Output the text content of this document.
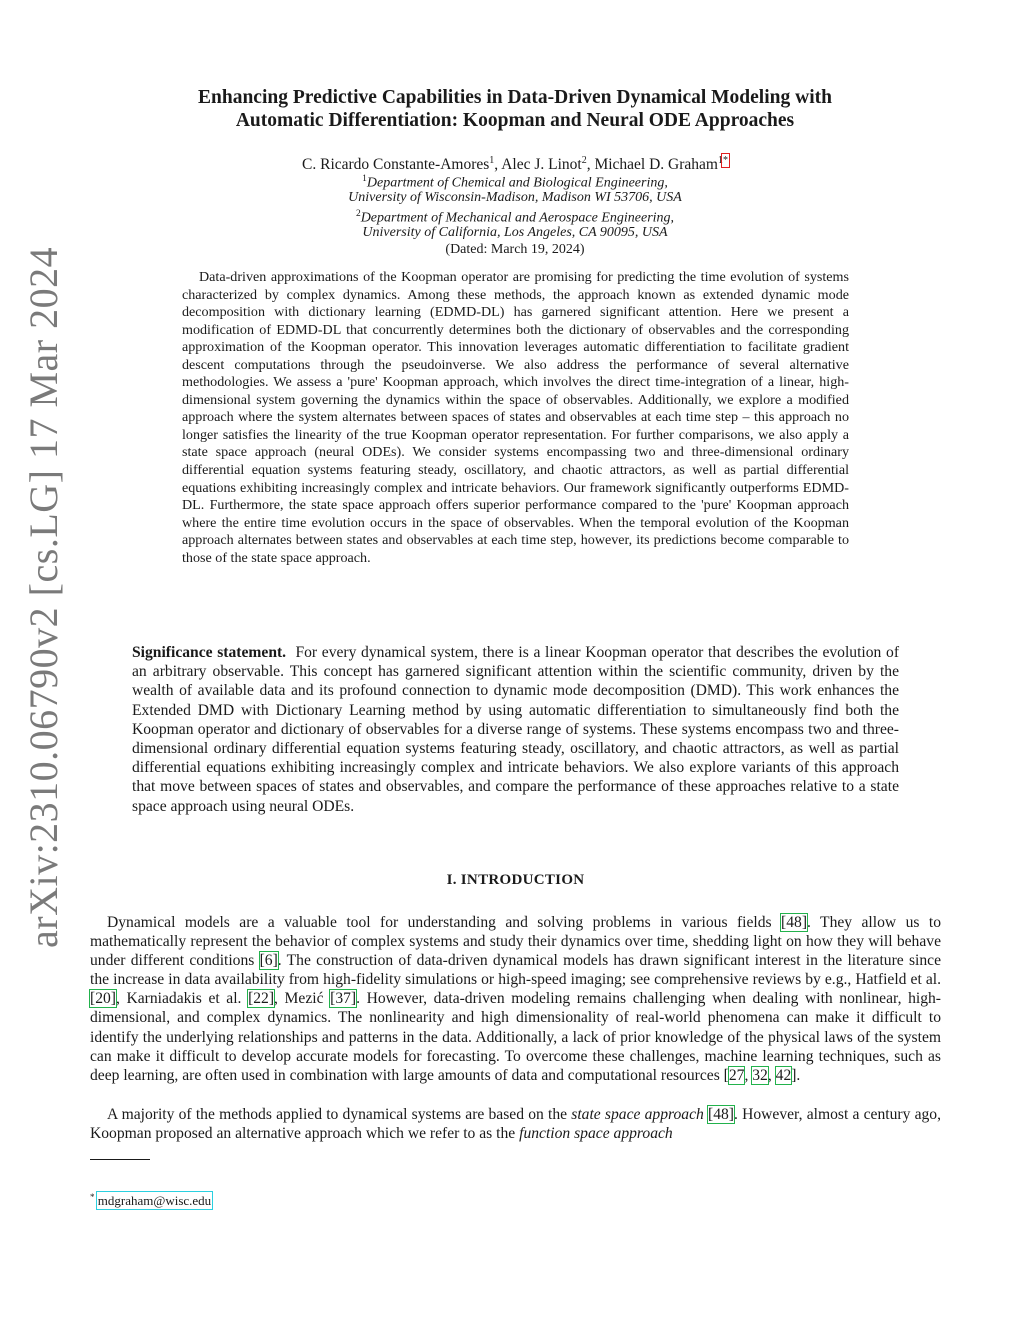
arXiv:2310.06790v2 [cs.LG] 17 Mar 2024
Enhancing Predictive Capabilities in Data-Driven Dynamical Modeling with
Automatic Differentiation: Koopman and Neural ODE Approaches
C. Ricardo Constante-Amores$^1$, Alec J. Linot$^2$, Michael D. Graham$^{1*}$
$^1$Department of Chemical and Biological Engineering,
University of Wisconsin-Madison, Madison WI 53706, USA
$^2$Department of Mechanical and Aerospace Engineering,
University of California, Los Angeles, CA 90095, USA
(Dated: March 19, 2024)

Data-driven approximations of the Koopman operator are promising for predicting the time evolution of systems characterized by complex dynamics. Among these methods, the approach known as extended dynamic mode decomposition with dictionary learning (EDMD-DL) has garnered significant attention. Here we present a modification of EDMD-DL that concurrently determines both the dictionary of observables and the corresponding approximation of the Koopman operator. This innovation leverages automatic differentiation to facilitate gradient descent computations through the pseudoinverse. We also address the performance of several alternative methodologies. We assess a 'pure' Koopman approach, which involves the direct time-integration of a linear, high-dimensional system governing the dynamics within the space of observables. Additionally, we explore a modified approach where the system alternates between spaces of states and observables at each time step – this approach no longer satisfies the linearity of the true Koopman operator representation. For further comparisons, we also apply a state space approach (neural ODEs). We consider systems encompassing two and three-dimensional ordinary differential equation systems featuring steady, oscillatory, and chaotic attractors, as well as partial differential equations exhibiting increasingly complex and intricate behaviors. Our framework significantly outperforms EDMD-DL. Furthermore, the state space approach offers superior performance compared to the 'pure' Koopman approach where the entire time evolution occurs in the space of observables. When the temporal evolution of the Koopman approach alternates between states and observables at each time step, however, its predictions become comparable to those of the state space approach.

Significance statement. For every dynamical system, there is a linear Koopman operator that describes the evolution of an arbitrary observable. This concept has garnered significant attention within the scientific community, driven by the wealth of available data and its profound connection to dynamic mode decomposition (DMD). This work enhances the Extended DMD with Dictionary Learning method by using automatic differentiation to simultaneously find both the Koopman operator and dictionary of observables for a diverse range of systems. These systems encompass two and three-dimensional ordinary differential equation systems featuring steady, oscillatory, and chaotic attractors, as well as partial differential equations exhibiting increasingly complex and intricate behaviors. We also explore variants of this approach that move between spaces of states and observables, and compare the performance of these approaches relative to a state space approach using neural ODEs.

I. INTRODUCTION

Dynamical models are a valuable tool for understanding and solving problems in various fields [48]. They allow us to mathematically represent the behavior of complex systems and study their dynamics over time, shedding light on how they will behave under different conditions [6]. The construction of data-driven dynamical models has drawn significant interest in the literature since the increase in data availability from high-fidelity simulations or high-speed imaging; see comprehensive reviews by e.g., Hatfield et al. [20], Karniadakis et al. [22], Mezić [37]. However, data-driven modeling remains challenging when dealing with nonlinear, high-dimensional, and complex dynamics. The nonlinearity and high dimensionality of real-world phenomena can make it difficult to identify the underlying relationships and patterns in the data. Additionally, a lack of prior knowledge of the physical laws of the system can make it difficult to develop accurate models for forecasting. To overcome these challenges, machine learning techniques, such as deep learning, are often used in combination with large amounts of data and computational resources [27, 32, 42].

A majority of the methods applied to dynamical systems are based on the state space approach [48]. However, almost a century ago, Koopman proposed an alternative approach which we refer to as the function space approach

* mdgraham@wisc.edu
